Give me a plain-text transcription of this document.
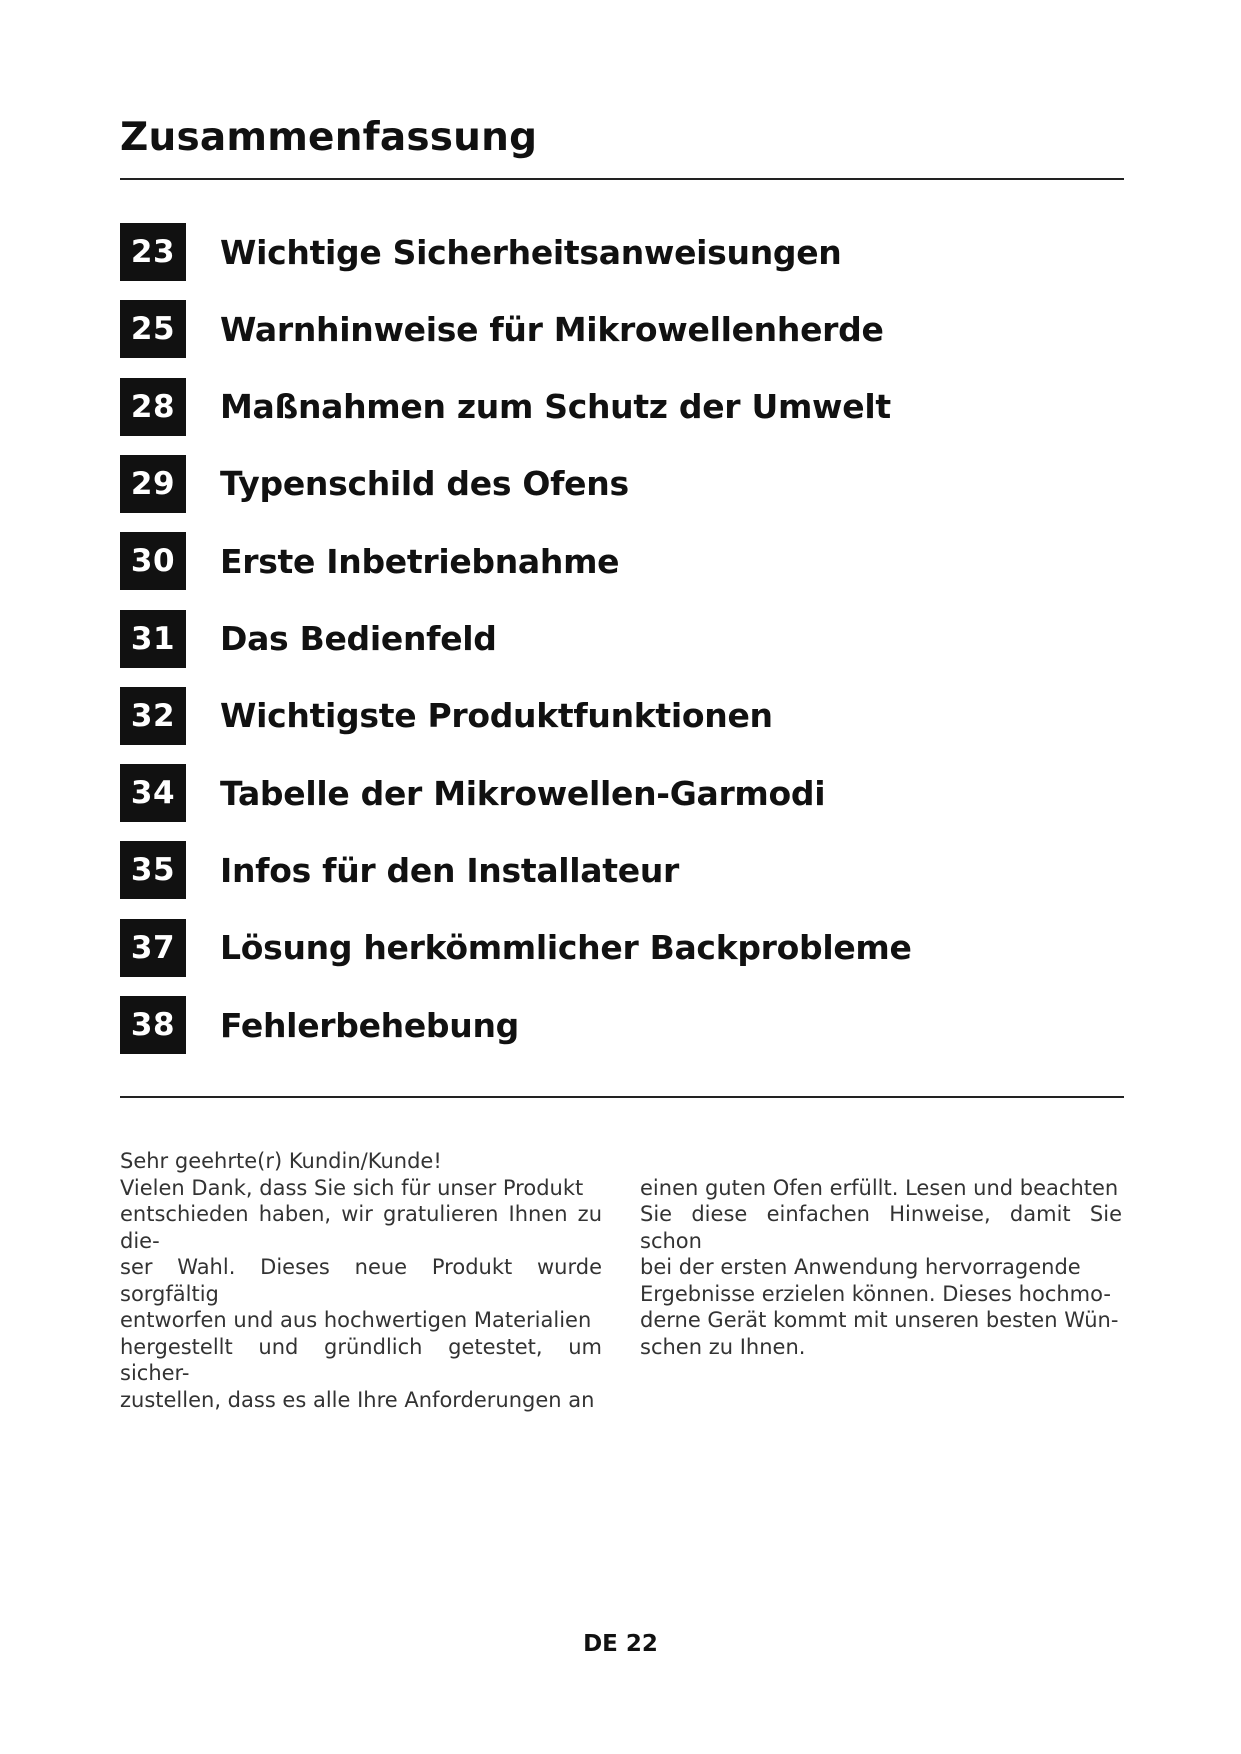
Zusammenfassung
23	Wichtige Sicherheitsanweisungen
25	Warnhinweise für Mikrowellenherde
28	Maßnahmen zum Schutz der Umwelt
29	Typenschild des Ofens
30	Erste Inbetriebnahme
31	Das Bedienfeld
32	Wichtigste Produktfunktionen
34	Tabelle der Mikrowellen-Garmodi
35	Infos für den Installateur
37	Lösung herkömmlicher Backprobleme
38	Fehlerbehebung
Sehr geehrte(r) Kundin/Kunde!
Vielen Dank, dass Sie sich für unser Produkt
entschieden haben, wir gratulieren Ihnen zu die-
ser Wahl. Dieses neue Produkt wurde sorgfältig
entworfen und aus hochwertigen Materialien
hergestellt und gründlich getestet, um sicher-
zustellen, dass es alle Ihre Anforderungen an
einen guten Ofen erfüllt. Lesen und beachten
Sie diese einfachen Hinweise, damit Sie schon
bei der ersten Anwendung hervorragende
Ergebnisse erzielen können. Dieses hochmo-
derne Gerät kommt mit unseren besten Wün-
schen zu Ihnen.
DE 22
